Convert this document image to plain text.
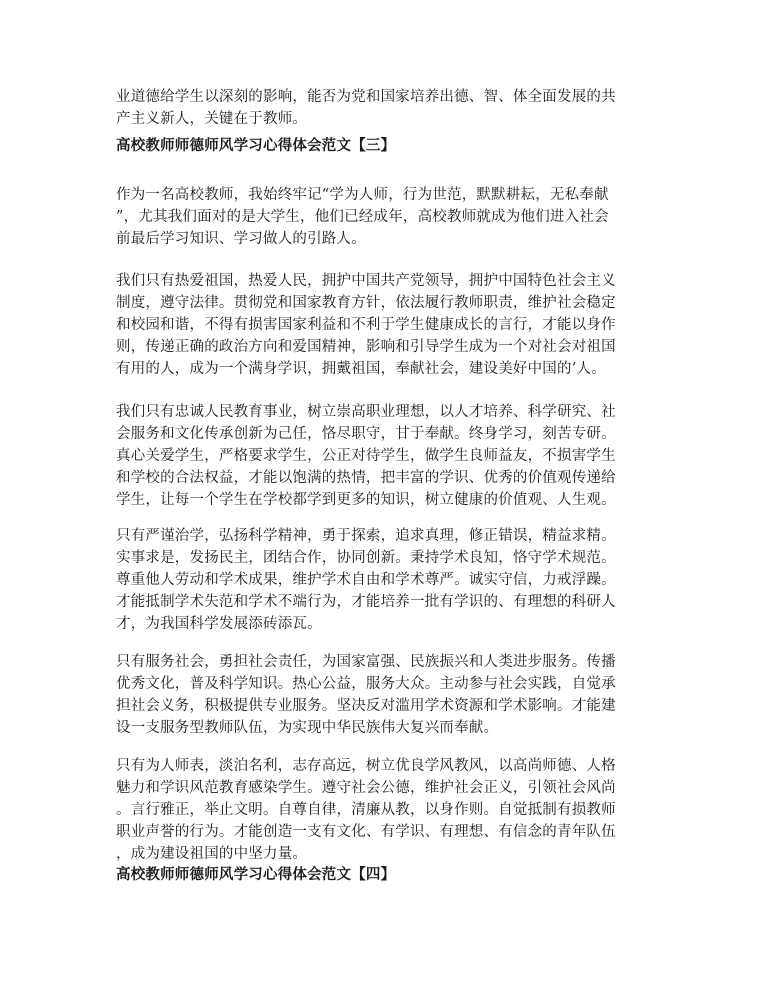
业道德给学生以深刻的影响，能否为党和国家培养出德、智、体全面发展的共
产主义新人，关键在于教师。

高校教师师德师风学习心得体会范文【三】

作为一名高校教师，我始终牢记“学为人师，行为世范，默默耕耘，无私奉献
”，尤其我们面对的是大学生，他们已经成年，高校教师就成为他们进入社会
前最后学习知识、学习做人的引路人。

我们只有热爱祖国，热爱人民，拥护中国共产党领导，拥护中国特色社会主义
制度，遵守法律。贯彻党和国家教育方针，依法履行教师职责，维护社会稳定
和校园和谐，不得有损害国家利益和不利于学生健康成长的言行，才能以身作
则，传递正确的政治方向和爱国精神，影响和引导学生成为一个对社会对祖国
有用的人，成为一个满身学识，拥戴祖国，奉献社会，建设美好中国的’人。

我们只有忠诚人民教育事业，树立崇高职业理想，以人才培养、科学研究、社
会服务和文化传承创新为己任，恪尽职守，甘于奉献。终身学习，刻苦专研。
真心关爱学生，严格要求学生，公正对待学生，做学生良师益友，不损害学生
和学校的合法权益，才能以饱满的热情，把丰富的学识、优秀的价值观传递给
学生，让每一个学生在学校都学到更多的知识，树立健康的价值观、人生观。

只有严谨治学，弘扬科学精神，勇于探索，追求真理，修正错误，精益求精。
实事求是，发扬民主，团结合作，协同创新。秉持学术良知，恪守学术规范。
尊重他人劳动和学术成果，维护学术自由和学术尊严。诚实守信，力戒浮躁。
才能抵制学术失范和学术不端行为，才能培养一批有学识的、有理想的科研人
才，为我国科学发展添砖添瓦。

只有服务社会，勇担社会责任，为国家富强、民族振兴和人类进步服务。传播
优秀文化，普及科学知识。热心公益，服务大众。主动参与社会实践，自觉承
担社会义务，积极提供专业服务。坚决反对滥用学术资源和学术影响。才能建
设一支服务型教师队伍，为实现中华民族伟大复兴而奉献。

只有为人师表，淡泊名利，志存高远，树立优良学风教风，以高尚师德、人格
魅力和学识风范教育感染学生。遵守社会公德，维护社会正义，引领社会风尚
。言行雅正，举止文明。自尊自律，清廉从教，以身作则。自觉抵制有损教师
职业声誉的行为。才能创造一支有文化、有学识、有理想、有信念的青年队伍
，成为建设祖国的中坚力量。

高校教师师德师风学习心得体会范文【四】
